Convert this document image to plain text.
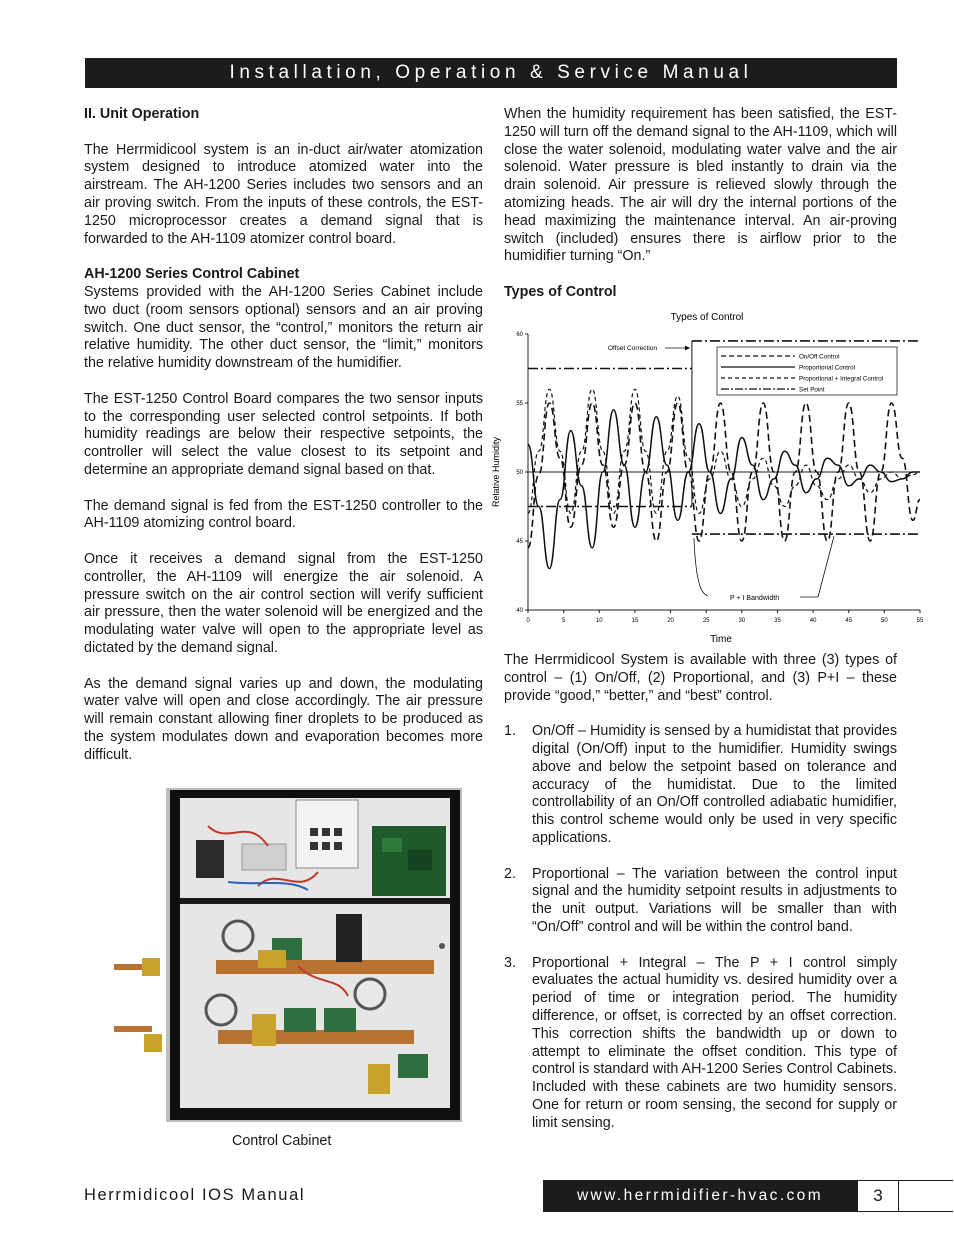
Installation, Operation & Service Manual
II. Unit Operation

The Herrmidicool system is an in-duct air/water atomization system designed to introduce atomized water into the airstream. The AH-1200 Series includes two sensors and an air proving switch. From the inputs of these controls, the EST-1250 microprocessor creates a demand signal that is forwarded to the AH-1109 atomizer control board.

AH-1200 Series Control Cabinet

Systems provided with the AH-1200 Series Cabinet include two duct (room sensors optional) sensors and an air proving switch. One duct sensor, the “control,” monitors the return air relative humidity. The other duct sensor, the “limit,” monitors the relative humidity downstream of the humidifier.

The EST-1250 Control Board compares the two sensor inputs to the corresponding user selected control setpoints. If both humidity readings are below their respective setpoints, the controller will select the value closest to its setpoint and determine an appropriate demand signal based on that.

The demand signal is fed from the EST-1250 controller to the AH-1109 atomizing control board.

Once it receives a demand signal from the EST-1250 controller, the AH-1109 will energize the air solenoid. A pressure switch on the air control section will verify sufficient air pressure, then the water solenoid will be energized and the modulating water valve will open to the appropriate level as dictated by the demand signal.

As the demand signal varies up and down, the modulating water valve will open and close accordingly. The air pressure will remain constant allowing finer droplets to be produced as the system modulates down and evaporation becomes more difficult.

Control Cabinet

When the humidity requirement has been satisfied, the EST-1250 will turn off the demand signal to the AH-1109, which will close the water solenoid, modulating water valve and the air solenoid. Water pressure is bled instantly to drain via the drain solenoid. Air pressure is relieved slowly through the atomizing heads. The air will dry the internal portions of the head maximizing the maintenance interval. An air-proving switch (included) ensures there is airflow prior to the humidifier turning “On.”

Types of Control
Types of Control
Time
Relative Humidity
0	5	10	15	20	25	30	35	40	45	50	55
40
45
50
55
60
On/Off Control
Proportional Control
Proportional + Integral Control
Set Point
Offset Correction
P + I Bandwidth

The Herrmidicool System is available with three (3) types of control – (1) On/Off, (2) Proportional, and (3) P+I – these provide “good,” “better,” and “best” control.

1.	On/Off – Humidity is sensed by a humidistat that provides digital (On/Off) input to the humidifier. Humidity swings above and below the setpoint based on tolerance and accuracy of the humidistat. Due to the limited controllability of an On/Off controlled adiabatic humidifier, this control scheme would only be used in very specific applications.
2.	Proportional – The variation between the control input signal and the humidity setpoint results in adjustments to the unit output. Variations will be smaller than with “On/Off” control and will be within the control band.
3.	Proportional + Integral – The P + I control simply evaluates the actual humidity vs. desired humidity over a period of time or integration period. The humidity difference, or offset, is corrected by an offset correction. This correction shifts the bandwidth up or down to attempt to eliminate the offset condition. This type of control is standard with AH-1200 Series Control Cabinets. Included with these cabinets are two humidity sensors. One for return or room sensing, the second for supply or limit sensing.
Herrmidicool IOS Manual	www.herrmidifier-hvac.com	3
